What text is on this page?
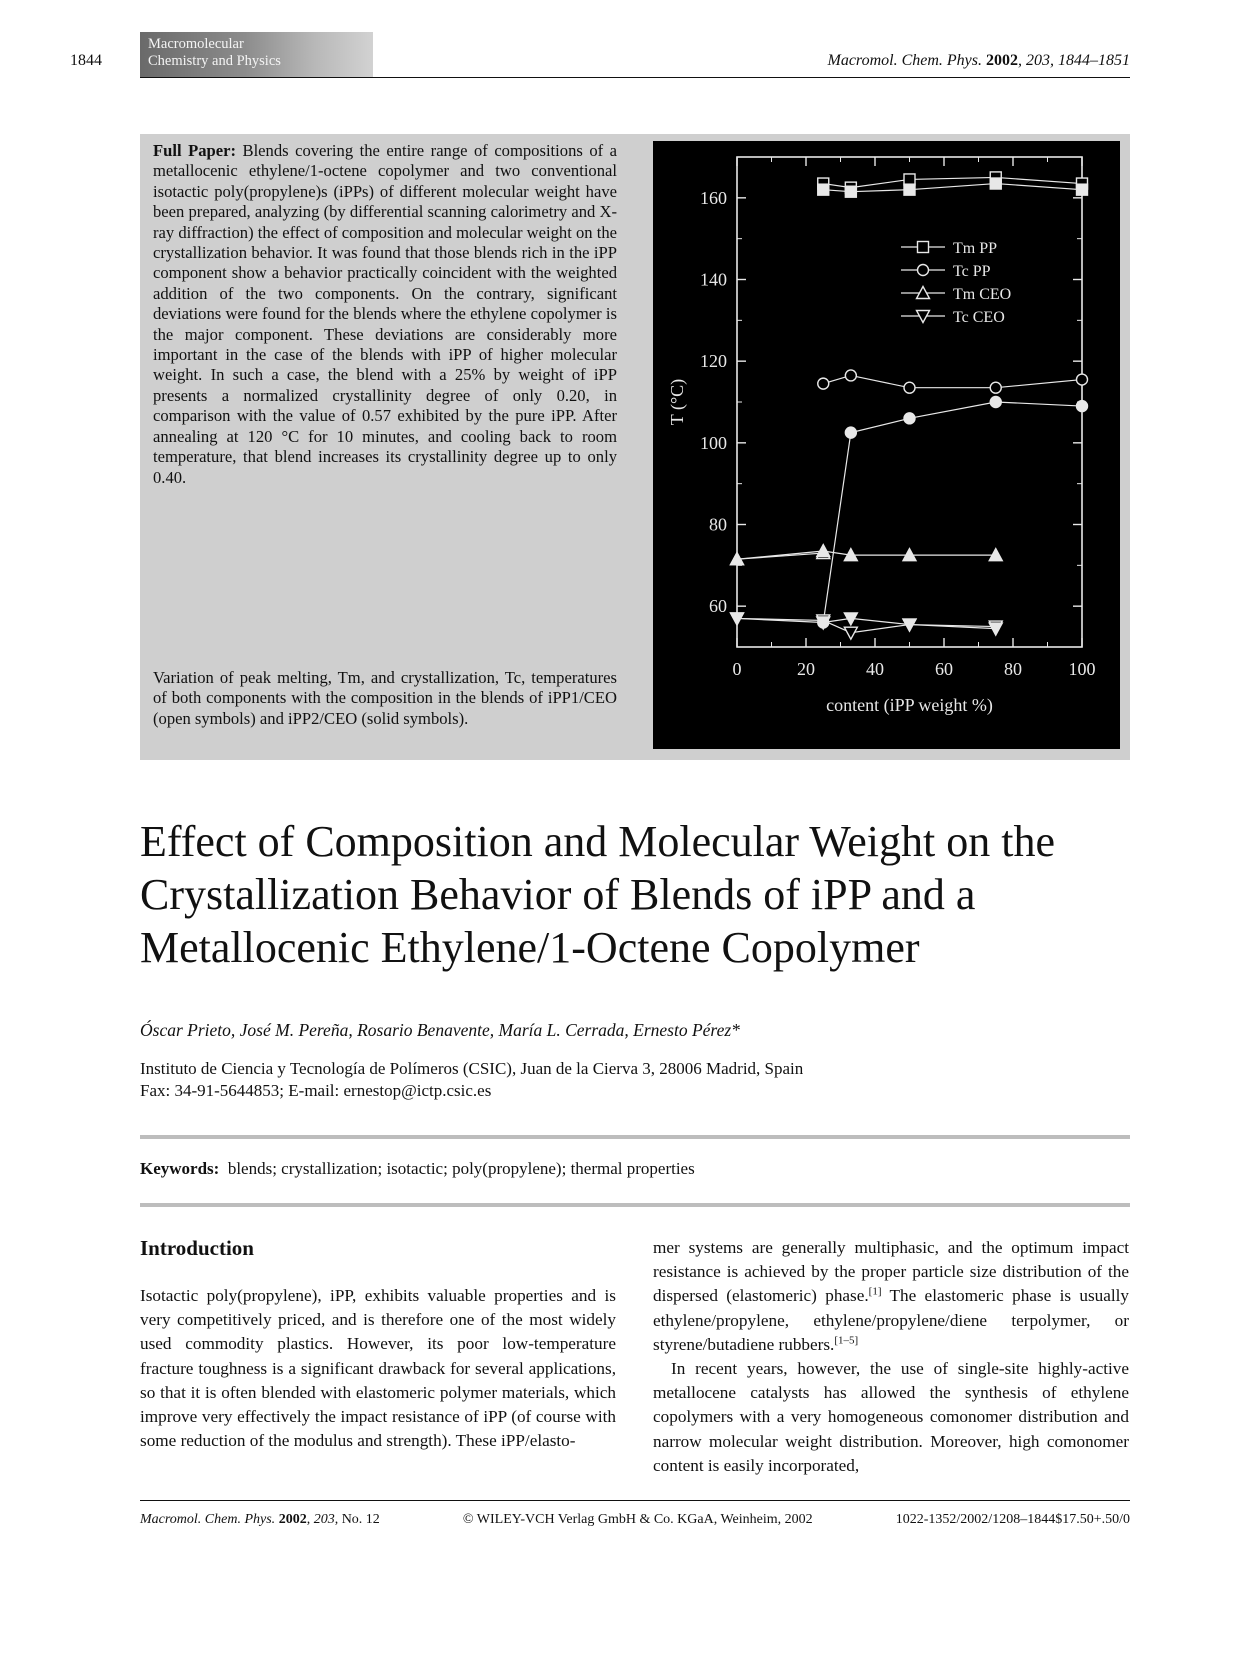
1844
Macromolecular
Chemistry and Physics	Macromol. Chem. Phys. 2002, 203, 1844–1851
Full Paper: Blends covering the entire range of compositions of a metallocenic ethylene/1-octene copolymer and two conventional isotactic poly(propylene)s (iPPs) of different molecular weight have been prepared, analyzing (by differential scanning calorimetry and X-ray diffraction) the effect of composition and molecular weight on the crystallization behavior. It was found that those blends rich in the iPP component show a behavior practically coincident with the weighted addition of the two components. On the contrary, significant deviations were found for the blends where the ethylene copolymer is the major component. These deviations are considerably more important in the case of the blends with iPP of higher molecular weight. In such a case, the blend with a 25% by weight of iPP presents a normalized crystallinity degree of only 0.20, in comparison with the value of 0.57 exhibited by the pure iPP. After annealing at 120 °C for 10 minutes, and cooling back to room temperature, that blend increases its crystallinity degree up to only 0.40.
Variation of peak melting, Tm, and crystallization, Tc, temperatures of both components with the composition in the blends of iPP1/CEO (open symbols) and iPP2/CEO (solid symbols).
0	20	40	60	80	100
60
80
100
120
140
160
content (iPP weight %)
T (°C)
Tm PP
Tc PP
Tm CEO
Tc CEO
Effect of Composition and Molecular Weight on the Crystallization Behavior of Blends of iPP and a Metallocenic Ethylene/1-Octene Copolymer
Óscar Prieto, José M. Pereña, Rosario Benavente, María L. Cerrada, Ernesto Pérez*
Instituto de Ciencia y Tecnología de Polímeros (CSIC), Juan de la Cierva 3, 28006 Madrid, Spain
Fax: 34-91-5644853; E-mail: ernestop@ictp.csic.es
Keywords: blends; crystallization; isotactic; poly(propylene); thermal properties
Introduction
Isotactic poly(propylene), iPP, exhibits valuable properties and is very competitively priced, and is therefore one of the most widely used commodity plastics. However, its poor low-temperature fracture toughness is a significant drawback for several applications, so that it is often blended with elastomeric polymer materials, which improve very effectively the impact resistance of iPP (of course with some reduction of the modulus and strength). These iPP/elasto-
mer systems are generally multiphasic, and the optimum impact resistance is achieved by the proper particle size distribution of the dispersed (elastomeric) phase.[1] The elastomeric phase is usually ethylene/propylene, ethylene/propylene/diene terpolymer, or styrene/butadiene rubbers.[1–5]
In recent years, however, the use of single-site highly-active metallocene catalysts has allowed the synthesis of ethylene copolymers with a very homogeneous comonomer distribution and narrow molecular weight distribution. Moreover, high comonomer content is easily incorporated,
Macromol. Chem. Phys. 2002, 203, No. 12	© WILEY-VCH Verlag GmbH & Co. KGaA, Weinheim, 2002	1022-1352/2002/1208–1844$17.50+.50/0
